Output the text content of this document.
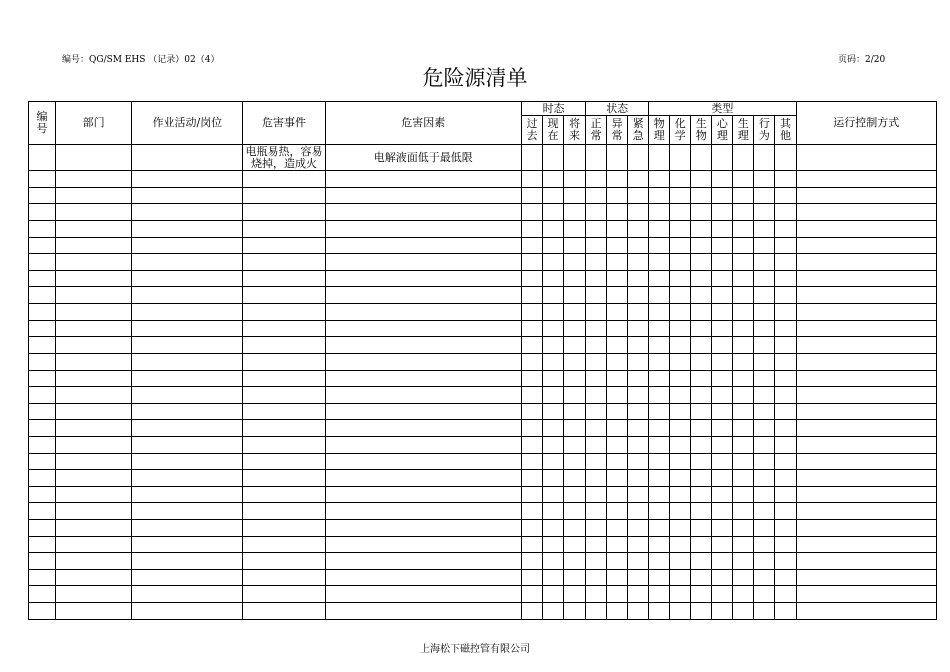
编号：QG/SM EHS （记录）02（4）	页码：2/20
危险源清单
编号	部门	作业活动/岗位	危害事件	危害因素	时态			状态			类型							运行控制方式
					过去	现在	将来	正常	异常	紧急	物理	化学	生物	心理	生理	行为	其他	
			电瓶易热，容易烧掉，造成火	电解液面低于最低限														

上海松下磁控管有限公司
